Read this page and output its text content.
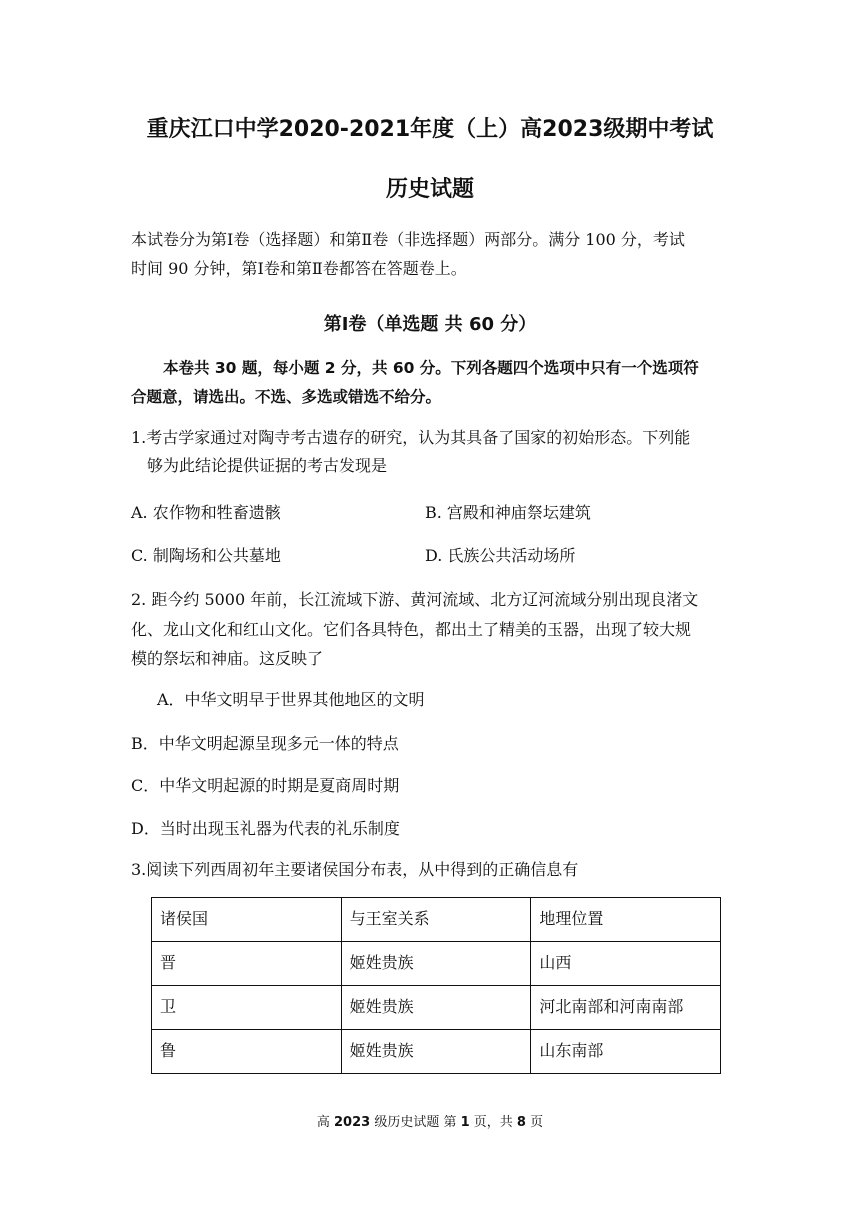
重庆江口中学2020-2021年度（上）高2023级期中考试
历史试题
本试卷分为第Ⅰ卷（选择题）和第Ⅱ卷（非选择题）两部分。满分 100 分，考试
时间 90 分钟，第Ⅰ卷和第Ⅱ卷都答在答题卷上。
第Ⅰ卷（单选题 共 60 分）
本卷共 30 题，每小题 2 分，共 60 分。下列各题四个选项中只有一个选项符
合题意，请选出。不选、多选或错选不给分。
1.考古学家通过对陶寺考古遗存的研究，认为其具备了国家的初始形态。下列能
够为此结论提供证据的考古发现是
A. 农作物和牲畜遗骸	B. 宫殿和神庙祭坛建筑
C. 制陶场和公共墓地	D. 氏族公共活动场所
2. 距今约 5000 年前，长江流域下游、黄河流域、北方辽河流域分别出现良渚文
化、龙山文化和红山文化。它们各具特色，都出土了精美的玉器，出现了较大规
模的祭坛和神庙。这反映了
A．中华文明早于世界其他地区的文明
B．中华文明起源呈现多元一体的特点
C．中华文明起源的时期是夏商周时期
D．当时出现玉礼器为代表的礼乐制度
3.阅读下列西周初年主要诸侯国分布表，从中得到的正确信息有
诸侯国	与王室关系	地理位置
晋	姬姓贵族	山西
卫	姬姓贵族	河北南部和河南南部
鲁	姬姓贵族	山东南部
高 2023 级历史试题 第 1 页，共 8 页
